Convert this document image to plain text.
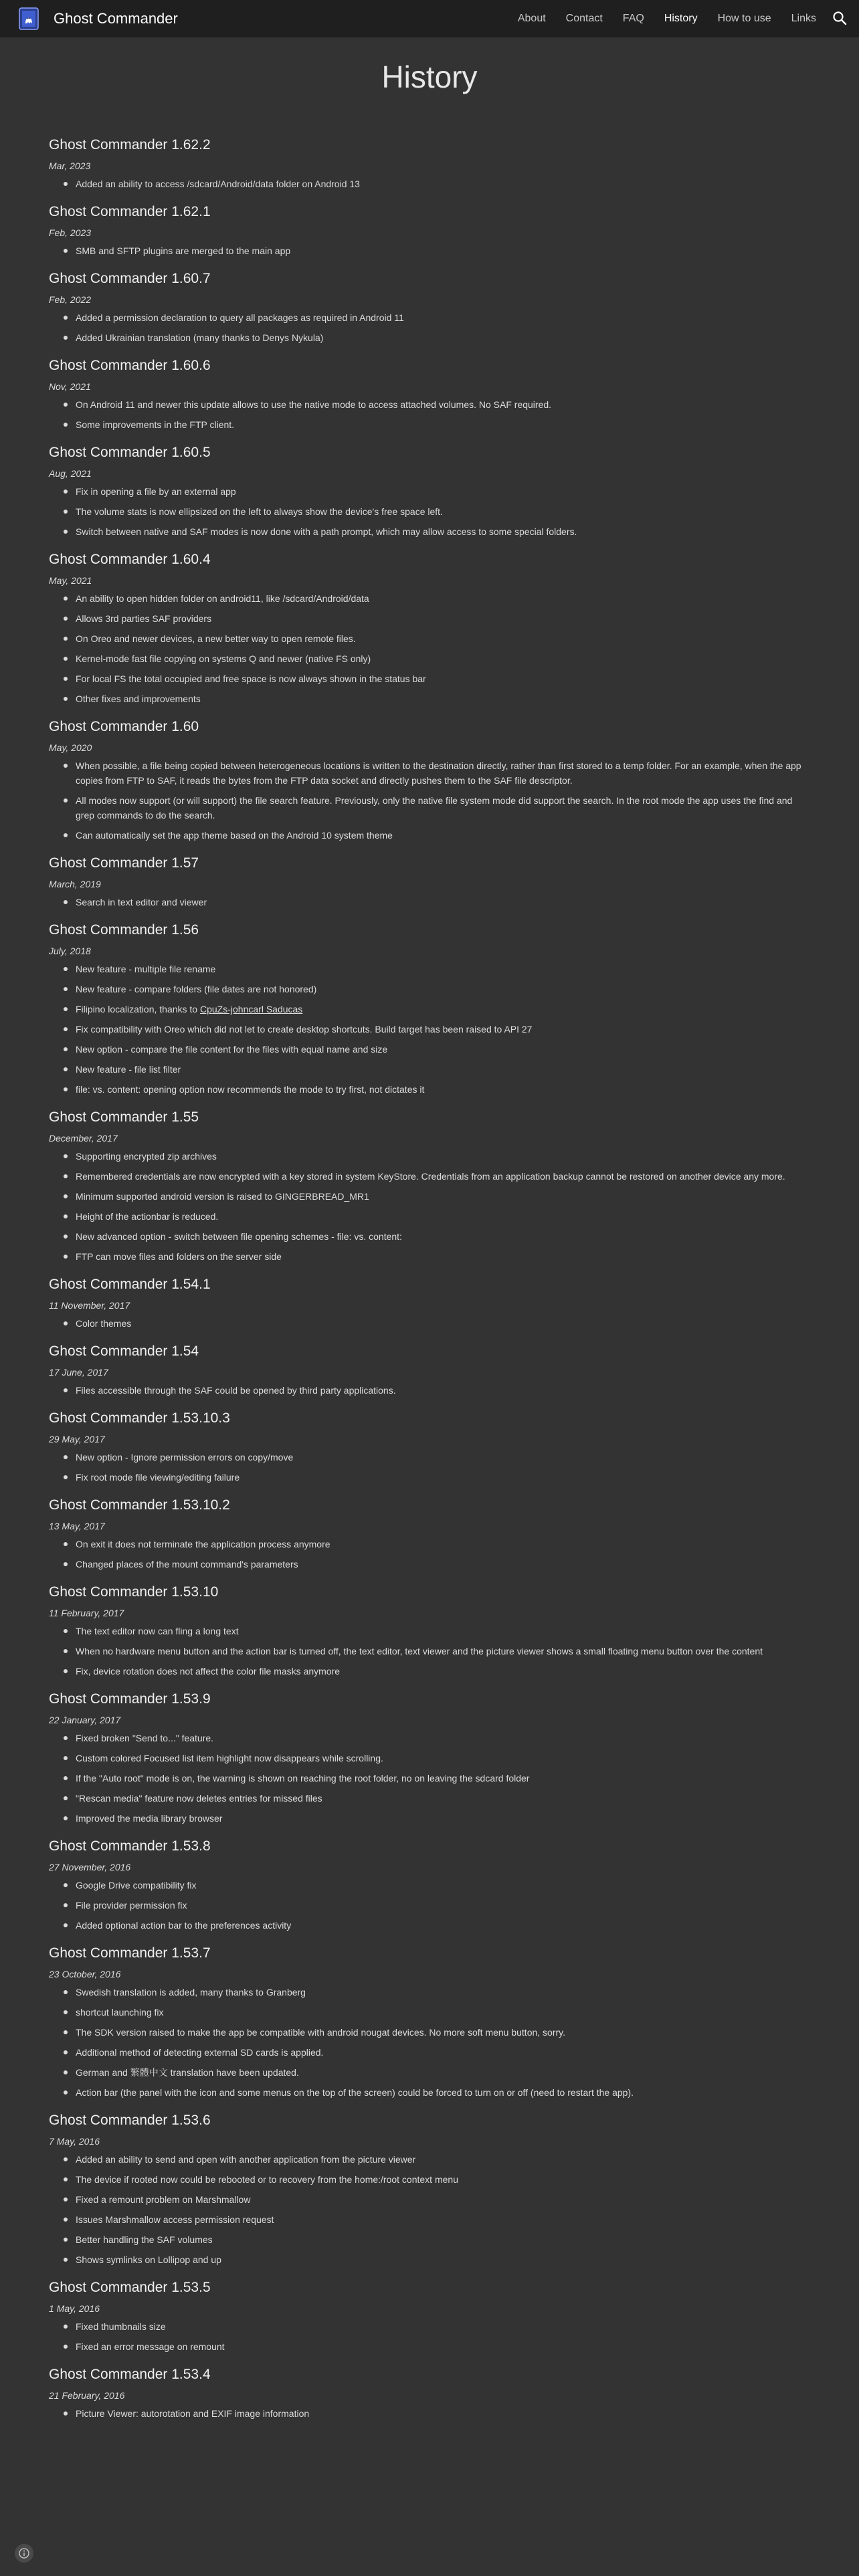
Ghost Commander	About Contact FAQ History How to use Links
History
Ghost Commander 1.62.2
Mar, 2023
Added an ability to access /sdcard/Android/data folder on Android 13
Ghost Commander 1.62.1
Feb, 2023
SMB and SFTP plugins are merged to the main app
Ghost Commander 1.60.7
Feb, 2022
Added a permission declaration to query all packages as required in Android 11
Added Ukrainian translation (many thanks to Denys Nykula)
Ghost Commander 1.60.6
Nov, 2021
On Android 11 and newer this update allows to use the native mode to access attached volumes. No SAF required.
Some improvements in the FTP client.
Ghost Commander 1.60.5
Aug, 2021
Fix in opening a file by an external app
The volume stats is now ellipsized on the left to always show the device's free space left.
Switch between native and SAF modes is now done with a path prompt, which may allow access to some special folders.
Ghost Commander 1.60.4
May, 2021
An ability to open hidden folder on android11, like /sdcard/Android/data
Allows 3rd parties SAF providers
On Oreo and newer devices, a new better way to open remote files.
Kernel-mode fast file copying on systems Q and newer (native FS only)
For local FS the total occupied and free space is now always shown in the status bar
Other fixes and improvements
Ghost Commander 1.60
May, 2020
When possible, a file being copied between heterogeneous locations is written to the destination directly, rather than first stored to a temp folder. For an example, when the app copies from FTP to SAF, it reads the bytes from the FTP data socket and directly pushes them to the SAF file descriptor.
All modes now support (or will support) the file search feature. Previously, only the native file system mode did support the search. In the root mode the app uses the find and grep commands to do the search.
Can automatically set the app theme based on the Android 10 system theme
Ghost Commander 1.57
March, 2019
Search in text editor and viewer
Ghost Commander 1.56
July, 2018
New feature - multiple file rename
New feature - compare folders (file dates are not honored)
Filipino localization, thanks to CpuZs-johncarl Saducas
Fix compatibility with Oreo which did not let to create desktop shortcuts. Build target has been raised to API 27
New option - compare the file content for the files with equal name and size
New feature - file list filter
file: vs. content: opening option now recommends the mode to try first, not dictates it
Ghost Commander 1.55
December, 2017
Supporting encrypted zip archives
Remembered credentials are now encrypted with a key stored in system KeyStore. Credentials from an application backup cannot be restored on another device any more.
Minimum supported android version is raised to GINGERBREAD_MR1
Height of the actionbar is reduced.
New advanced option - switch between file opening schemes - file: vs. content:
FTP can move files and folders on the server side
Ghost Commander 1.54.1
11 November, 2017
Color themes
Ghost Commander 1.54
17 June, 2017
Files accessible through the SAF could be opened by third party applications.
Ghost Commander 1.53.10.3
29 May, 2017
New option - Ignore permission errors on copy/move
Fix root mode file viewing/editing failure
Ghost Commander 1.53.10.2
13 May, 2017
On exit it does not terminate the application process anymore
Changed places of the mount command's parameters
Ghost Commander 1.53.10
11 February, 2017
The text editor now can fling a long text
When no hardware menu button and the action bar is turned off, the text editor, text viewer and the picture viewer shows a small floating menu button over the content
Fix, device rotation does not affect the color file masks anymore
Ghost Commander 1.53.9
22 January, 2017
Fixed broken "Send to..." feature.
Custom colored Focused list item highlight now disappears while scrolling.
If the "Auto root" mode is on, the warning is shown on reaching the root folder, no on leaving the sdcard folder
"Rescan media" feature now deletes entries for missed files
Improved the media library browser
Ghost Commander 1.53.8
27 November, 2016
Google Drive compatibility fix
File provider permission fix
Added optional action bar to the preferences activity
Ghost Commander 1.53.7
23 October, 2016
Swedish translation is added, many thanks to Granberg
shortcut launching fix
The SDK version raised to make the app be compatible with android nougat devices. No more soft menu button, sorry.
Additional method of detecting external SD cards is applied.
German and 繁體中文 translation have been updated.
Action bar (the panel with the icon and some menus on the top of the screen) could be forced to turn on or off (need to restart the app).
Ghost Commander 1.53.6
7 May, 2016
Added an ability to send and open with another application from the picture viewer
The device if rooted now could be rebooted or to recovery from the home:/root context menu
Fixed a remount problem on Marshmallow
Issues Marshmallow access permission request
Better handling the SAF volumes
Shows symlinks on Lollipop and up
Ghost Commander 1.53.5
1 May, 2016
Fixed thumbnails size
Fixed an error message on remount
Ghost Commander 1.53.4
21 February, 2016
Picture Viewer: autorotation and EXIF image information
